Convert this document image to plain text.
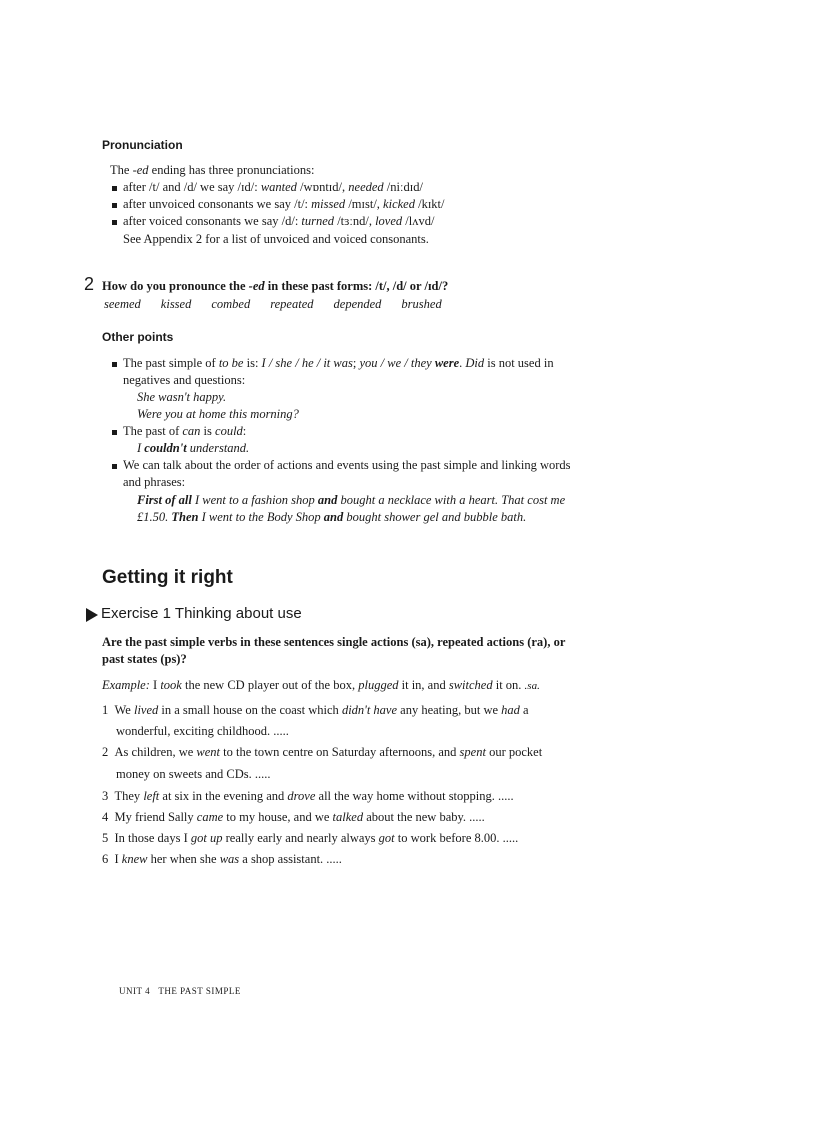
Pronunciation
The -ed ending has three pronunciations:
after /t/ and /d/ we say /ɪd/: wanted /wɒntɪd/, needed /niːdɪd/
after unvoiced consonants we say /t/: missed /mɪst/, kicked /kɪkt/
after voiced consonants we say /d/: turned /tɜːnd/, loved /lʌvd/
See Appendix 2 for a list of unvoiced and voiced consonants.
2 How do you pronounce the -ed in these past forms: /t/, /d/ or /ɪd/?
seemed kissed combed repeated depended brushed
Other points
The past simple of to be is: I / she / he / it was; you / we / they were. Did is not used in
negatives and questions:
She wasn't happy.
Were you at home this morning?
The past of can is could:
I couldn't understand.
We can talk about the order of actions and events using the past simple and linking words
and phrases:
First of all I went to a fashion shop and bought a necklace with a heart. That cost me
£1.50. Then I went to the Body Shop and bought shower gel and bubble bath.
Getting it right
Exercise 1 Thinking about use
Are the past simple verbs in these sentences single actions (sa), repeated actions (ra), or
past states (ps)?
Example: I took the new CD player out of the box, plugged it in, and switched it on. .sa.
1 We lived in a small house on the coast which didn't have any heating, but we had a
wonderful, exciting childhood. .....
2 As children, we went to the town centre on Saturday afternoons, and spent our pocket
money on sweets and CDs. .....
3 They left at six in the evening and drove all the way home without stopping. .....
4 My friend Sally came to my house, and we talked about the new baby. .....
5 In those days I got up really early and nearly always got to work before 8.00. .....
6 I knew her when she was a shop assistant. .....
UNIT 4 THE PAST SIMPLE
